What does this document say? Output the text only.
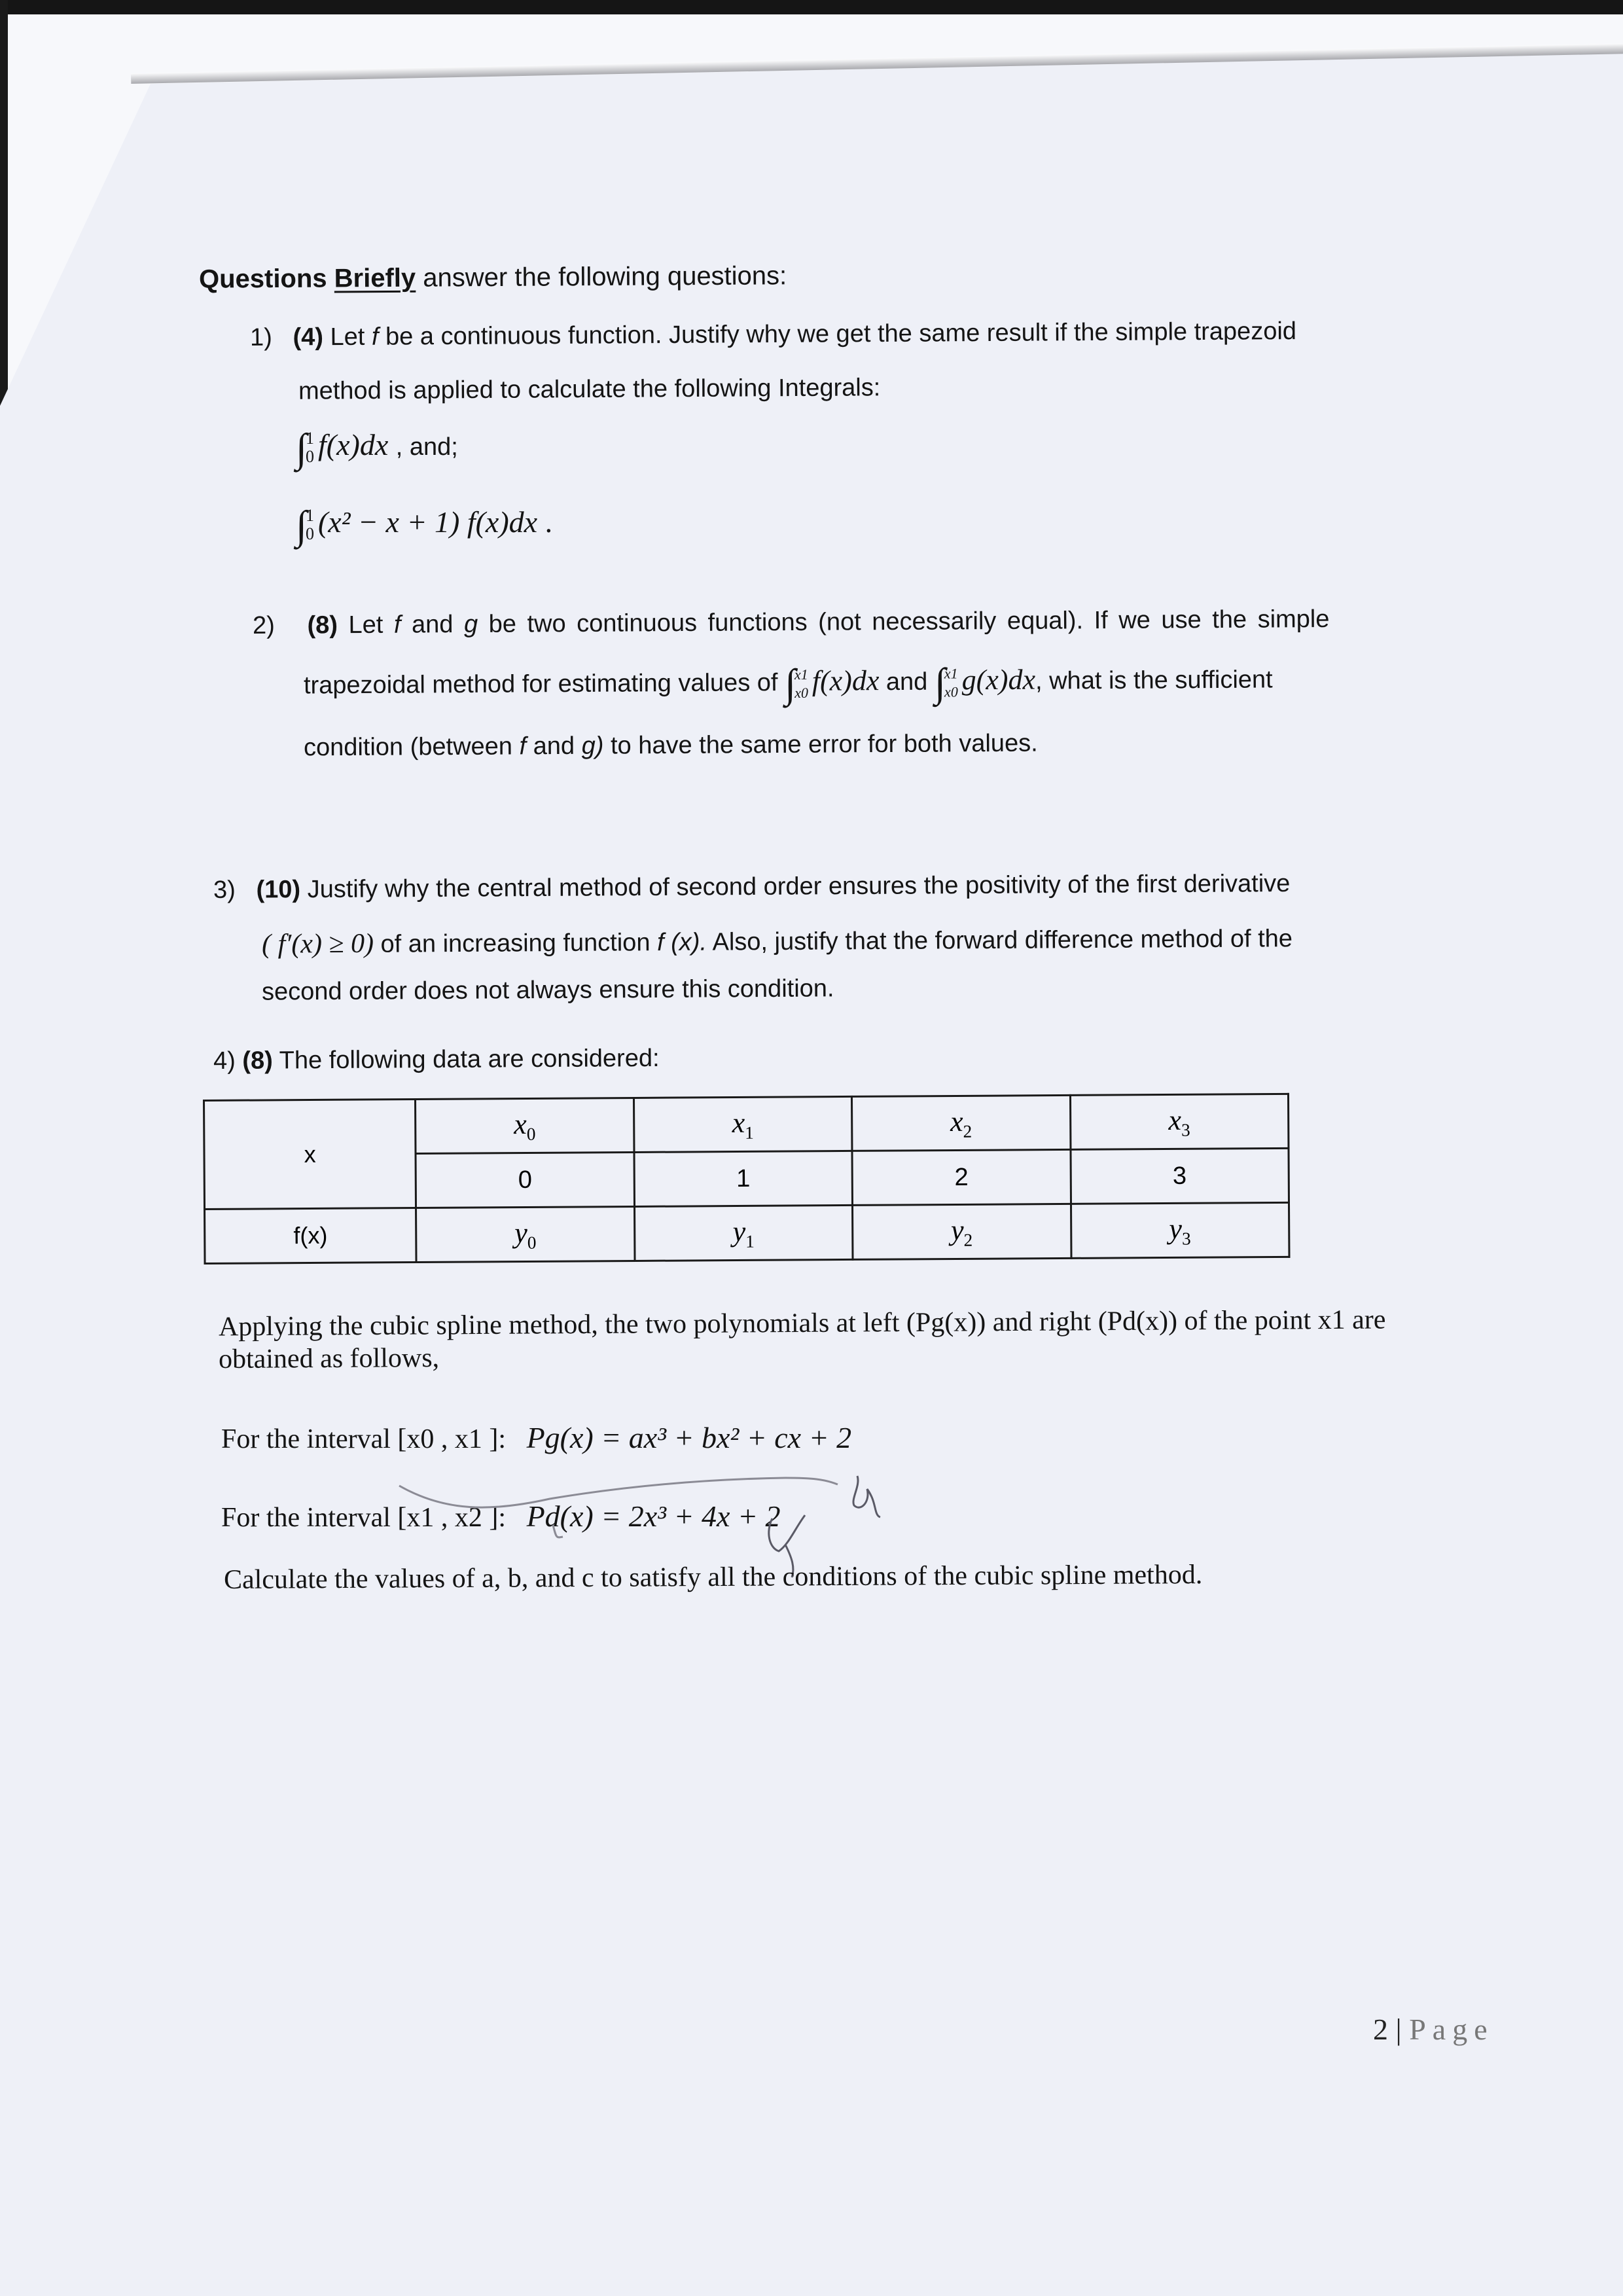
Questions Briefly answer the following questions:
1) (4) Let f be a continuous function. Justify why we get the same result if the simple trapezoid
method is applied to calculate the following Integrals:
∫
1
0 f(x)dx , and;
∫
1
0 (x² − x + 1) f(x)dx .
2) (8) Let f and g be two continuous functions (not necessarily equal). If we use the simple
trapezoidal method for estimating values of ∫
x1
x0 f(x)dx and ∫
x1
x0 g(x)dx, what is the sufficient
condition (between f and g) to have the same error for both values.
3) (10) Justify why the central method of second order ensures the positivity of the first derivative
( f′(x) ≥ 0) of an increasing function f (x). Also, justify that the forward difference method of the
second order does not always ensure this condition.
4) (8) The following data are considered:
x	$x_0$	$x_1$	$x_2$	$x_3$
	0	1	2	3
f(x)	$y_0$	$y_1$	$y_2$	$y_3$
Applying the cubic spline method, the two polynomials at left (Pg(x)) and right (Pd(x)) of the point x1 are
obtained as follows,
For the interval [x0 , x1 ]: Pg(x) = ax³ + bx² + cx + 2
For the interval [x1 , x2 ]: Pd(x) = 2x³ + 4x + 2
Calculate the values of a, b, and c to satisfy all the conditions of the cubic spline method.
2 | Page
